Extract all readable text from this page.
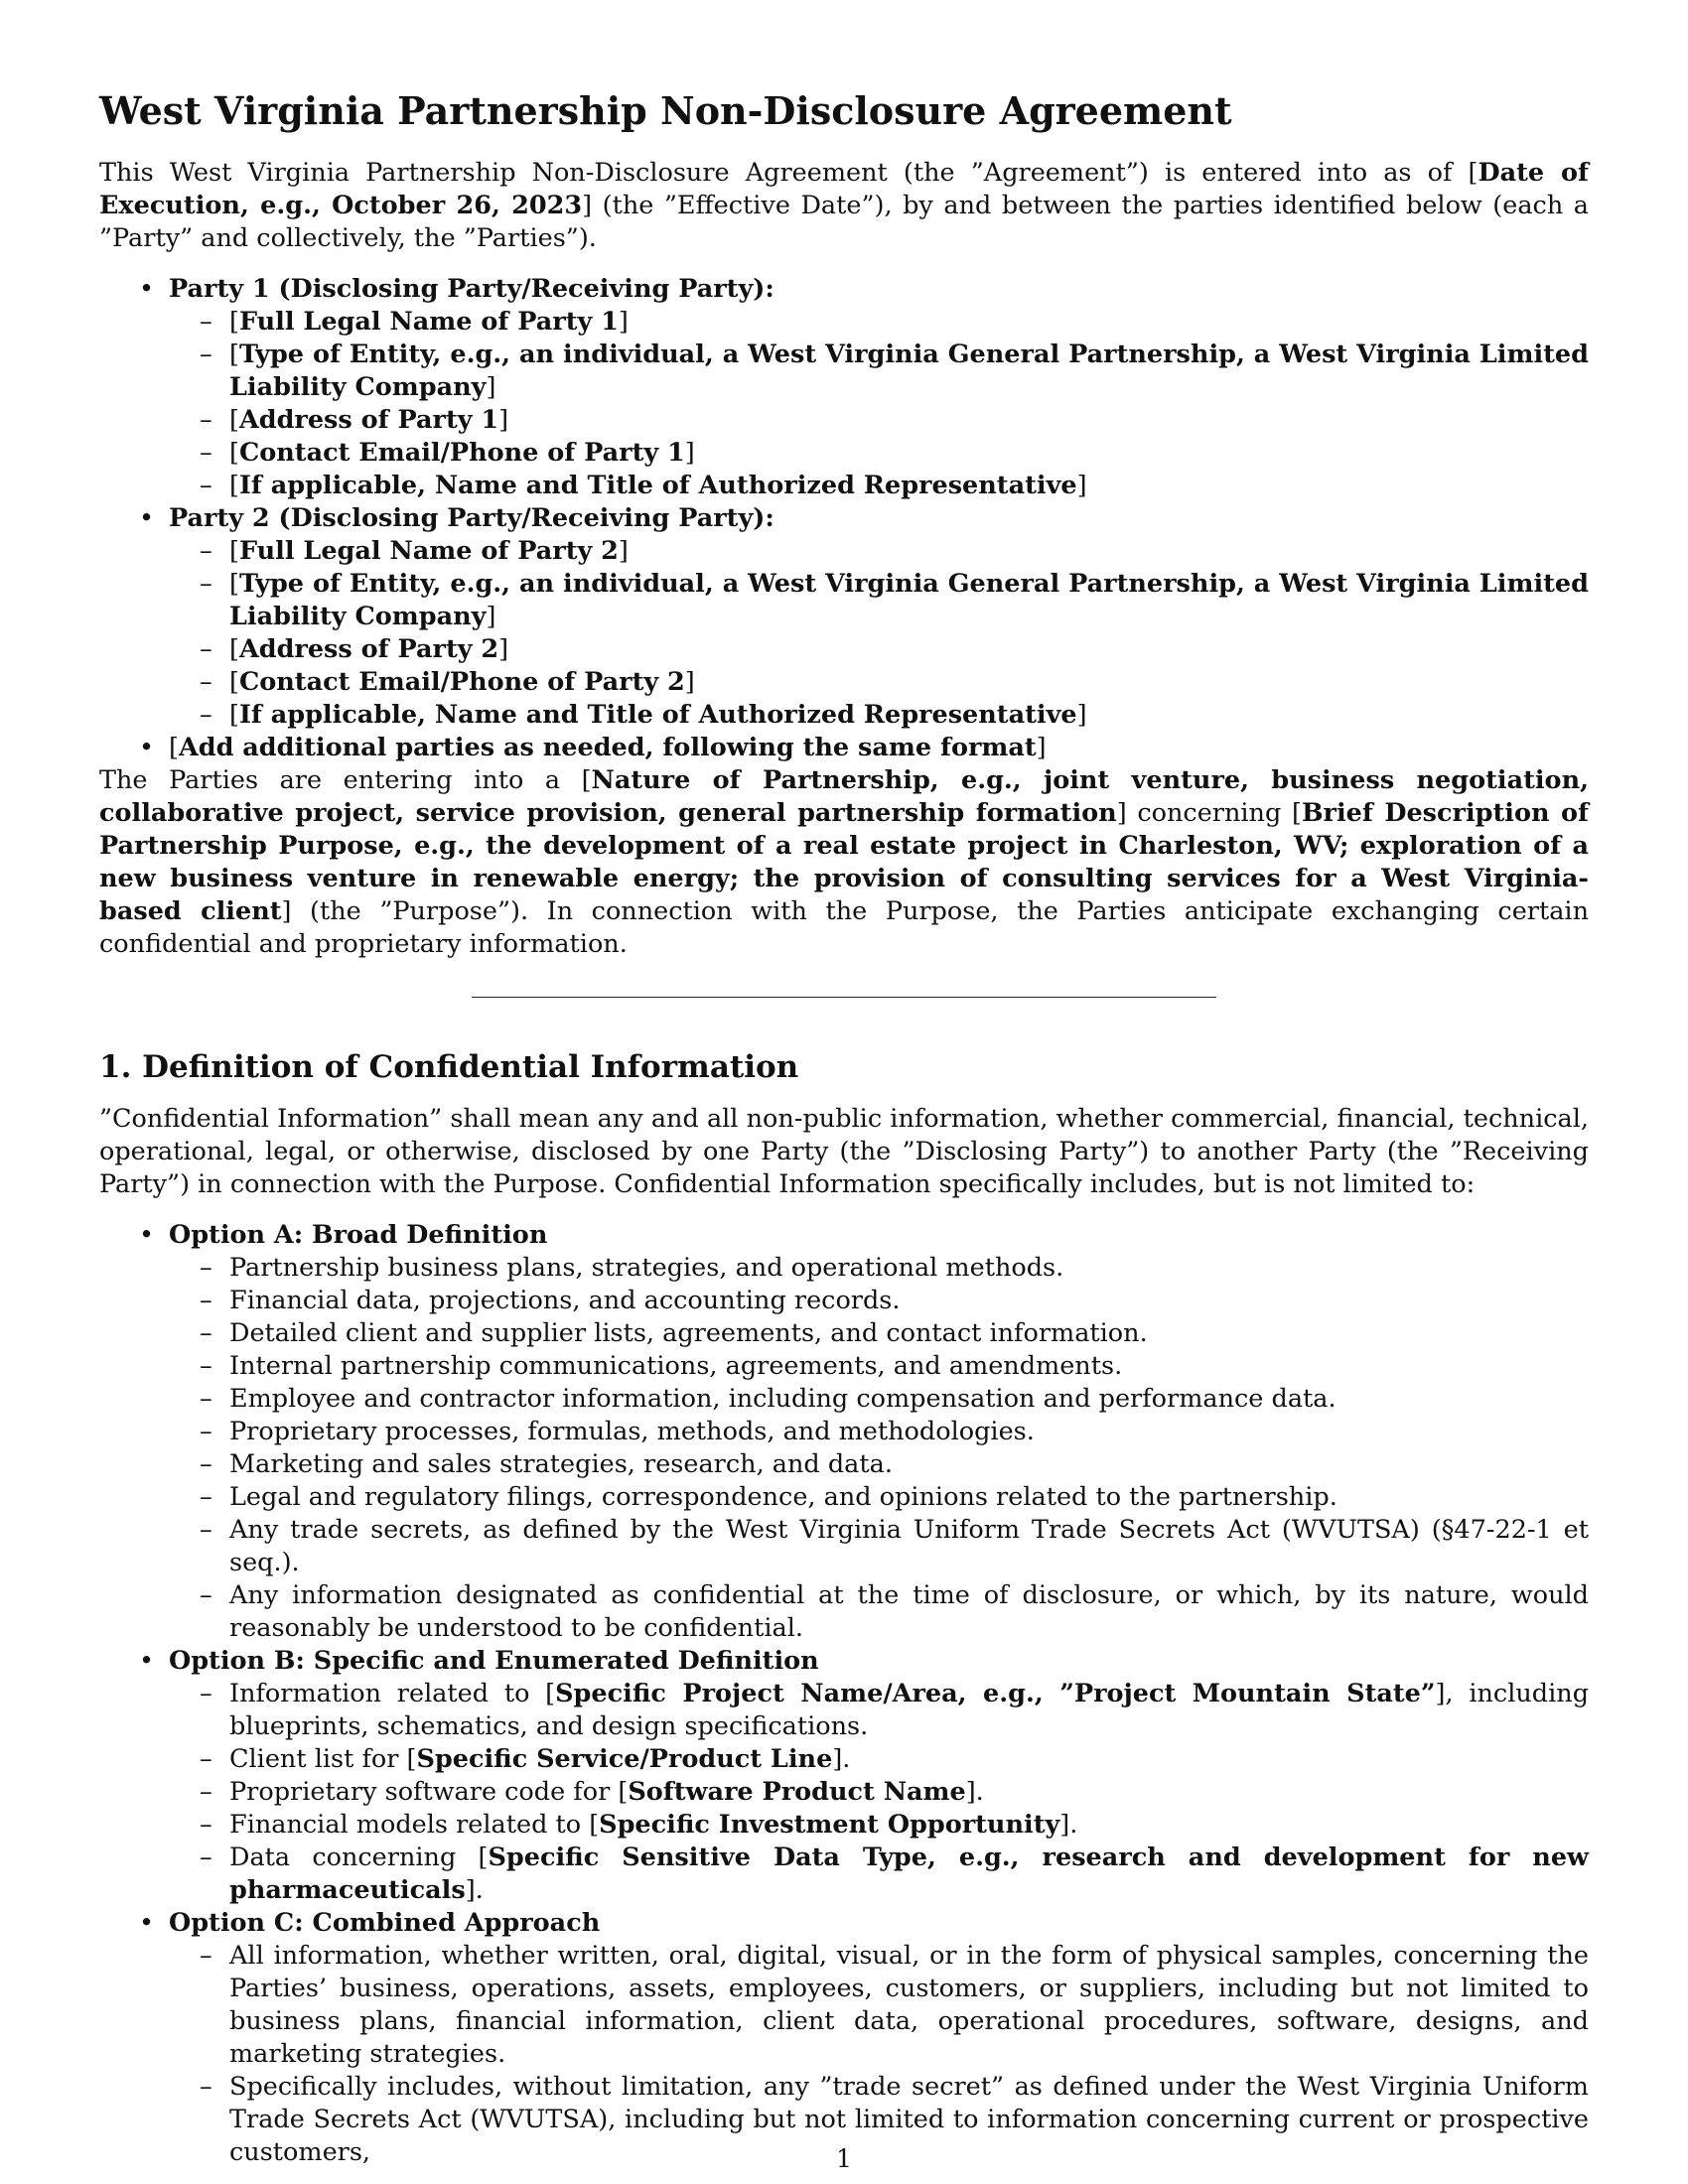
West Virginia Partnership Non-Disclosure Agreement

This West Virginia Partnership Non-Disclosure Agreement (the ”Agreement”) is entered into as of [Date of Execution, e.g., October 26, 2023] (the ”Effective Date”), by and between the parties identified below (each a ”Party” and collectively, the ”Parties”).

• Party 1 (Disclosing Party/Receiving Party):
– [Full Legal Name of Party 1]
– [Type of Entity, e.g., an individual, a West Virginia General Partnership, a West Virginia Limited Liability Company]
– [Address of Party 1]
– [Contact Email/Phone of Party 1]
– [If applicable, Name and Title of Authorized Representative]
• Party 2 (Disclosing Party/Receiving Party):
– [Full Legal Name of Party 2]
– [Type of Entity, e.g., an individual, a West Virginia General Partnership, a West Virginia Limited Liability Company]
– [Address of Party 2]
– [Contact Email/Phone of Party 2]
– [If applicable, Name and Title of Authorized Representative]
• [Add additional parties as needed, following the same format]

The Parties are entering into a [Nature of Partnership, e.g., joint venture, business negotiation, collaborative project, service provision, general partnership formation] concerning [Brief Description of Partnership Purpose, e.g., the development of a real estate project in Charleston, WV; exploration of a new business venture in renewable energy; the provision of consulting services for a West Virginia-based client] (the ”Purpose”). In connection with the Purpose, the Parties anticipate exchanging certain confidential and proprietary information.

1. Definition of Confidential Information

”Confidential Information” shall mean any and all non-public information, whether commercial, financial, technical, operational, legal, or otherwise, disclosed by one Party (the ”Disclosing Party”) to another Party (the ”Receiving Party”) in connection with the Purpose. Confidential Information specifically includes, but is not limited to:

• Option A: Broad Definition
– Partnership business plans, strategies, and operational methods.
– Financial data, projections, and accounting records.
– Detailed client and supplier lists, agreements, and contact information.
– Internal partnership communications, agreements, and amendments.
– Employee and contractor information, including compensation and performance data.
– Proprietary processes, formulas, methods, and methodologies.
– Marketing and sales strategies, research, and data.
– Legal and regulatory filings, correspondence, and opinions related to the partnership.
– Any trade secrets, as defined by the West Virginia Uniform Trade Secrets Act (WVUTSA) (§47-22-1 et seq.).
– Any information designated as confidential at the time of disclosure, or which, by its nature, would reasonably be understood to be confidential.
• Option B: Specific and Enumerated Definition
– Information related to [Specific Project Name/Area, e.g., ”Project Mountain State”], including blueprints, schematics, and design specifications.
– Client list for [Specific Service/Product Line].
– Proprietary software code for [Software Product Name].
– Financial models related to [Specific Investment Opportunity].
– Data concerning [Specific Sensitive Data Type, e.g., research and development for new pharmaceuticals].
• Option C: Combined Approach
– All information, whether written, oral, digital, visual, or in the form of physical samples, concerning the Parties’ business, operations, assets, employees, customers, or suppliers, including but not limited to business plans, financial information, client data, operational procedures, software, designs, and marketing strategies.
– Specifically includes, without limitation, any ”trade secret” as defined under the West Virginia Uniform Trade Secrets Act (WVUTSA), including but not limited to information concerning current or prospective customers,	1
